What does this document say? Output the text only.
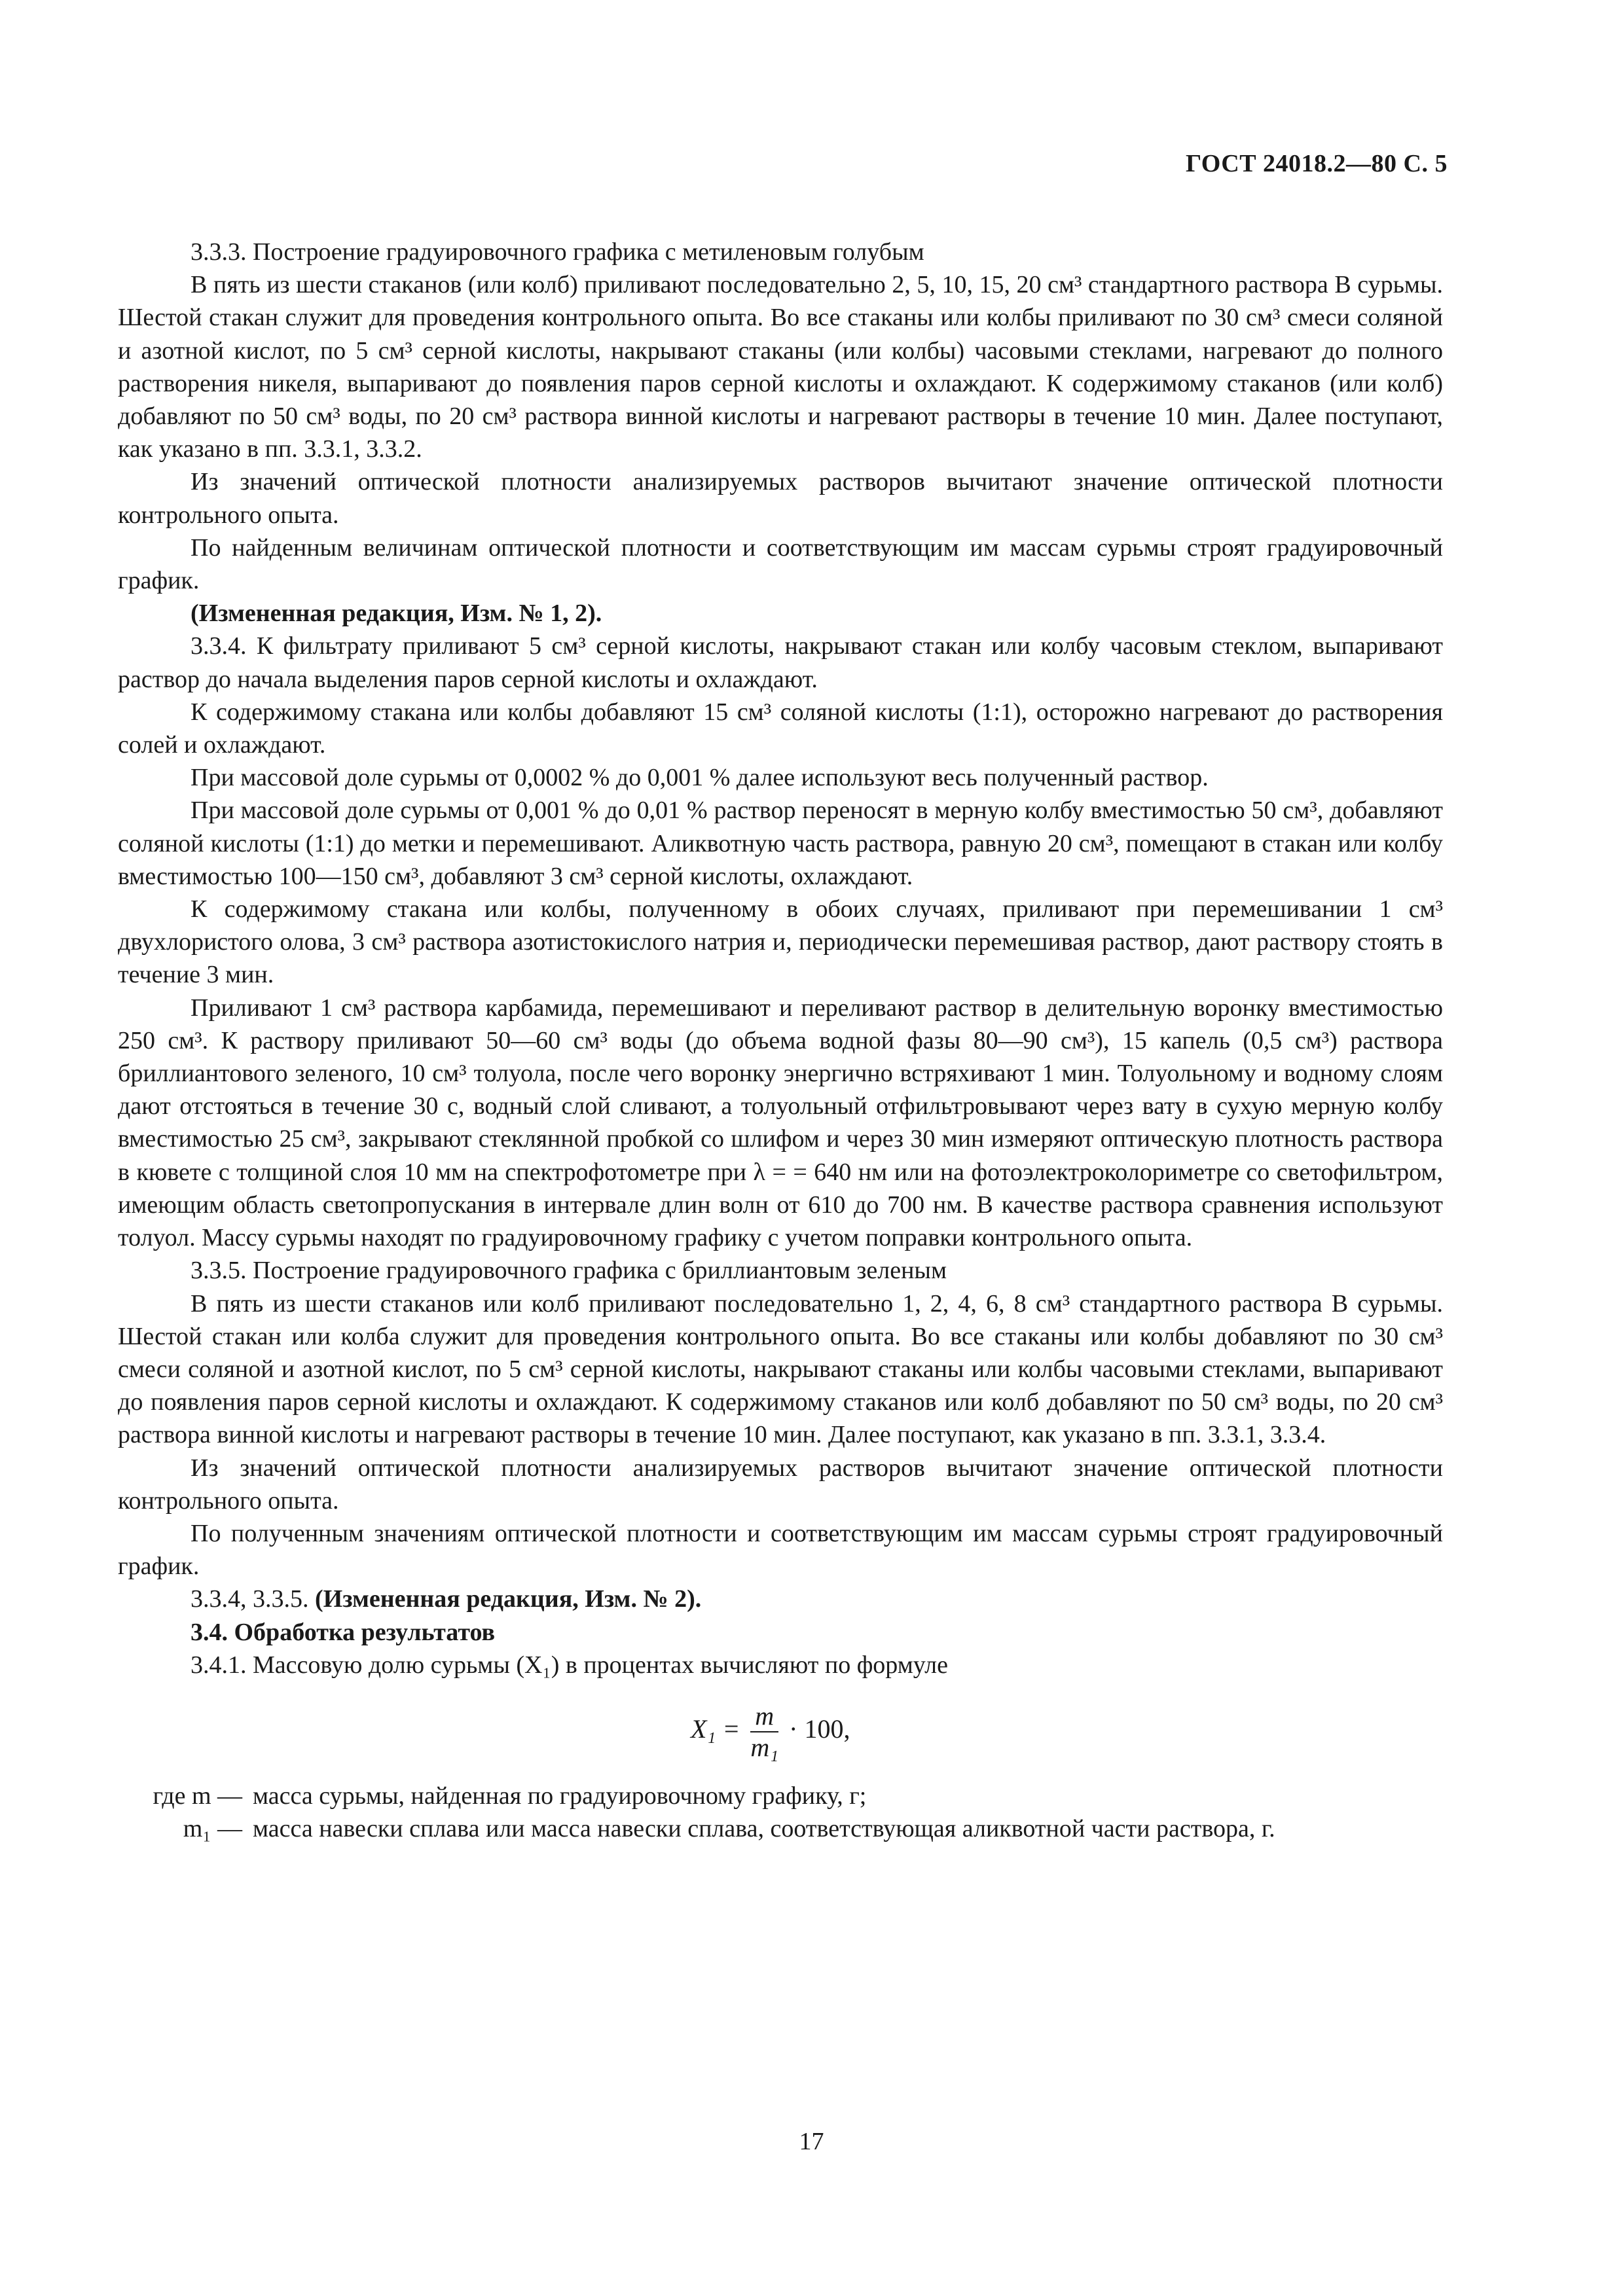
ГОСТ 24018.2—80 С. 5

3.3.3. Построение градуировочного графика с метиленовым голубым

В пять из шести стаканов (или колб) приливают последовательно 2, 5, 10, 15, 20 см³ стандартного раствора В сурьмы. Шестой стакан служит для проведения контрольного опыта. Во все стаканы или колбы приливают по 30 см³ смеси соляной и азотной кислот, по 5 см³ серной кислоты, накрывают стаканы (или колбы) часовыми стеклами, нагревают до полного растворения никеля, выпаривают до появления паров серной кислоты и охлаждают. К содержимому стаканов (или колб) добавляют по 50 см³ воды, по 20 см³ раствора винной кислоты и нагревают растворы в течение 10 мин. Далее поступают, как указано в пп. 3.3.1, 3.3.2.

Из значений оптической плотности анализируемых растворов вычитают значение оптической плотности контрольного опыта.

По найденным величинам оптической плотности и соответствующим им массам сурьмы строят градуировочный график.

(Измененная редакция, Изм. № 1, 2).

3.3.4. К фильтрату приливают 5 см³ серной кислоты, накрывают стакан или колбу часовым стеклом, выпаривают раствор до начала выделения паров серной кислоты и охлаждают.

К содержимому стакана или колбы добавляют 15 см³ соляной кислоты (1:1), осторожно нагревают до растворения солей и охлаждают.

При массовой доле сурьмы от 0,0002 % до 0,001 % далее используют весь полученный раствор.

При массовой доле сурьмы от 0,001 % до 0,01 % раствор переносят в мерную колбу вместимостью 50 см³, добавляют соляной кислоты (1:1) до метки и перемешивают. Аликвотную часть раствора, равную 20 см³, помещают в стакан или колбу вместимостью 100—150 см³, добавляют 3 см³ серной кислоты, охлаждают.

К содержимому стакана или колбы, полученному в обоих случаях, приливают при перемешивании 1 см³ двухлористого олова, 3 см³ раствора азотистокислого натрия и, периодически перемешивая раствор, дают раствору стоять в течение 3 мин.

Приливают 1 см³ раствора карбамида, перемешивают и переливают раствор в делительную воронку вместимостью 250 см³. К раствору приливают 50—60 см³ воды (до объема водной фазы 80—90 см³), 15 капель (0,5 см³) раствора бриллиантового зеленого, 10 см³ толуола, после чего воронку энергично встряхивают 1 мин. Толуольному и водному слоям дают отстояться в течение 30 с, водный слой сливают, а толуольный отфильтровывают через вату в сухую мерную колбу вместимостью 25 см³, закрывают стеклянной пробкой со шлифом и через 30 мин измеряют оптическую плотность раствора в кювете с толщиной слоя 10 мм на спектрофотометре при λ = = 640 нм или на фотоэлектроколориметре со светофильтром, имеющим область светопропускания в интервале длин волн от 610 до 700 нм. В качестве раствора сравнения используют толуол. Массу сурьмы находят по градуировочному графику с учетом поправки контрольного опыта.

3.3.5. Построение градуировочного графика с бриллиантовым зеленым

В пять из шести стаканов или колб приливают последовательно 1, 2, 4, 6, 8 см³ стандартного раствора В сурьмы. Шестой стакан или колба служит для проведения контрольного опыта. Во все стаканы или колбы добавляют по 30 см³ смеси соляной и азотной кислот, по 5 см³ серной кислоты, накрывают стаканы или колбы часовыми стеклами, выпаривают до появления паров серной кислоты и охлаждают. К содержимому стаканов или колб добавляют по 50 см³ воды, по 20 см³ раствора винной кислоты и нагревают растворы в течение 10 мин. Далее поступают, как указано в пп. 3.3.1, 3.3.4.

Из значений оптической плотности анализируемых растворов вычитают значение оптической плотности контрольного опыта.

По полученным значениям оптической плотности и соответствующим им массам сурьмы строят градуировочный график.

3.3.4, 3.3.5. (Измененная редакция, Изм. № 2).

3.4. Обработка результатов

3.4.1. Массовую долю сурьмы (X₁) в процентах вычисляют по формуле

$X_1 = \frac{m}{\text{m₁}} \cdot 100$,
где m — масса сурьмы, найденная по градуировочному графику, г;
m₁ — масса навески сплава или масса навески сплава, соответствующая аликвотной части раствора, г.
17
